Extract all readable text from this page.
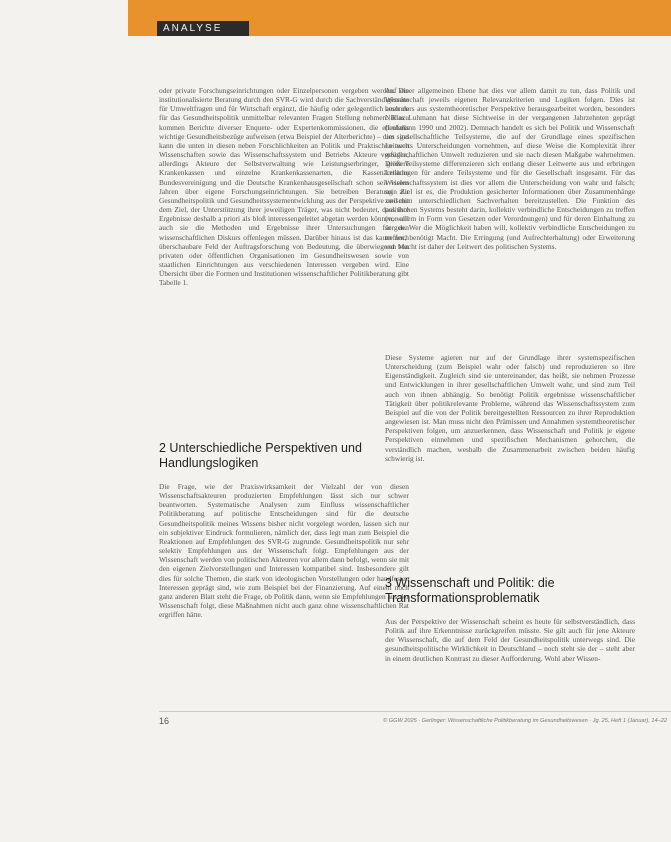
ANALYSE

oder private Forschungseinrichtungen oder Einzelpersonen vergeben werden. Die institutionalisierte Beratung durch den SVR-G wird durch die Sachverständigenräte für Umweltfragen und für Wirtschaft ergänzt, die häufig oder gelegentlich auch zu für das Gesundheitspolitik unmittelbar relevanten Fragen Stellung nehmen. Hinzu kommen Berichte diverser Enquete- oder Expertenkommissionen, die ebenfalls wichtige Gesundheitsbezüge aufweisen (etwa Beispiel der Alterberichte) – dies sind kann die unten in diesen neben Forschlichkeiten an Politik und Praktischen auch Wissenschaften sowie das Wissenschaftssystem und Betriebs Akteure verfügen, allerdings Akteure der Selbstverwaltung wie Leistungserbringer, größere Krankenkassen und einzelne Krankenkassenarten, die Kassenärztliche Bundesvereinigung und die Deutsche Krankenhausgesellschaft schon seit vielen Jahren über eigene Forschungseinrichtungen. Sie betreiben Beratung zur Gesundheitspolitik und Gesundheitssystementwicklung aus der Perspektive und mit dem Ziel, der Unterstützung ihrer jeweiligen Träger, was nicht bedeutet, dass ihre Ergebnisse deshalb a priori als bloß interessengeleitet abgetan werden können, weil auch sie die Methoden und Ergebnisse ihrer Untersuchungen für den wissenschaftlichen Diskurs offenlegen müssen. Darüber hinaus ist das kaum noch überschaubare Feld der Auftragsforschung von Bedeutung, die überwiegend von privaten oder öffentlichen Organisationen im Gesundheitswesen sowie von staatlichen Einrichtungen aus verschiedenen Interessen vergeben wird. Eine Übersicht über die Formen und Institutionen wissenschaftlicher Politikberatung gibt Tabelle 1.

2 Unterschiedliche Perspektiven und Handlungslogiken

Die Frage, wie der Praxiswirksamkeit der Vielzahl der von diesen Wissenschaftsakteuren produzierten Empfehlungen lässt sich nur schwer beantworten. Systematische Analysen zum Einfluss wissenschaftlicher Politikberatung auf politische Entscheidungen sind für die deutsche Gesundheitspolitik meines Wissens bisher nicht vorgelegt worden, lassen sich nur ein subjektiver Eindruck formulieren, nämlich der, dass legt man zum Beispiel die Reaktionen auf Empfehlungen des SVR-G zugrunde. Gesundheitspolitik nur sehr selektiv Empfehlungen aus der Wissenschaft folgt. Empfehlungen aus der Wissenschaft werden von politischen Akteuren vor allem dann befolgt, wenn sie mit den eigenen Zielvorstellungen und Interessen kompatibel sind. Insbesondere gilt dies für solche Themen, die stark von ideologischen Vorstellungen oder handfesten Interessen geprägt sind, wie zum Beispiel bei der Finanzierung. Auf einem noch ganz anderen Blatt steht die Frage, ob Politik dann, wenn sie Empfehlungen aus der Wissenschaft folgt, diese Maßnahmen nicht auch ganz ohne wissenschaftlichen Rat ergriffen hätte.

Auf einer allgemeinen Ebene hat dies vor allem damit zu tun, dass Politik und Wissenschaft jeweils eigenen Relevanzkriterien und Logiken folgen. Dies ist besonders aus systemtheoretischer Perspektive herausgearbeitet worden, besonders Niklas Luhmann hat diese Sichtweise in der vergangenen Jahrzehnten geprägt (Luhmann 1990 und 2002). Demnach handelt es sich bei Politik und Wissenschaft um gesellschaftliche Teilsysteme, die auf der Grundlage eines spezifischen Leitwerts Unterscheidungen vornehmen, auf diese Weise die Komplexität ihrer gesellschaftlichen Umwelt reduzieren und sie nach diesen Maßgabe wahrnehmen. Diese Teilsysteme differenzieren sich entlang dieser Leitwerte aus und erbringen Leistungen für andere Teilsysteme und für die Gesellschaft insgesamt. Für das Wissenschaftssystem ist dies vor allem die Unterscheidung von wahr und falsch; sein Ziel ist es, die Produktion gesicherter Informationen über Zusammenhänge zwischen unterschiedlichen Sachverhalten bereitzustellen. Die Funktion des politischen Systems besteht darin, kollektiv verbindliche Entscheidungen zu treffen (vor allem in Form von Gesetzen oder Verordnungen) und für deren Einhaltung zu sorgen. Wer die Möglichkeit haben will, kollektiv verbindliche Entscheidungen zu treffen, benötigt Macht. Die Erringung (und Aufrechterhaltung) oder Erweiterung von Macht ist daher der Leitwert des politischen Systems.

Diese Systeme agieren nur auf der Grundlage ihrer systemspezifischen Unterscheidung (zum Beispiel wahr oder falsch) und reproduzieren so ihre Eigenständigkeit. Zugleich sind sie untereinander, das heißt, sie nehmen Prozesse und Entwicklungen in ihrer gesellschaftlichen Umwelt wahr, und sind zum Teil auch von ihnen abhängig. So benötigt Politik ergebnisse wissenschaftlicher Tätigkeit über politikrelevante Probleme, während das Wissenschaftssystem zum Beispiel auf die von der Politik bereitgestellten Ressourcen zu ihrer Reproduktion angewiesen ist. Man muss nicht den Prämissen und Annahmen systemtheoretischer Perspektiven folgen, um anzuerkennen, dass Wissenschaft und Politik je eigene Perspektiven einnehmen und spezifischen Mechanismen gehorchen, die verständlich machen, weshalb die Zusammenarbeit zwischen beiden häufig schwierig ist.

3 Wissenschaft und Politik: die Transformationsproblematik

Aus der Perspektive der Wissenschaft scheint es heute für selbstverständlich, dass Politik auf ihre Erkenntnisse zurückgreifen müsste. Sie gilt auch für jene Akteure der Wissenschaft, die auf dem Feld der Gesundheitspolitik unterwegs sind. Die gesundheitspolitische Wirklichkeit in Deutschland – noch steht sie der – steht aber in einem deutlichen Kontrast zu dieser Aufforderung. Wohl aber Wissen-

16	© GGW 2025 · Gerlinger: Wissenschaftliche Politikberatung im Gesundheitswesen · Jg. 25, Heft 1 (Januar), 14–22
